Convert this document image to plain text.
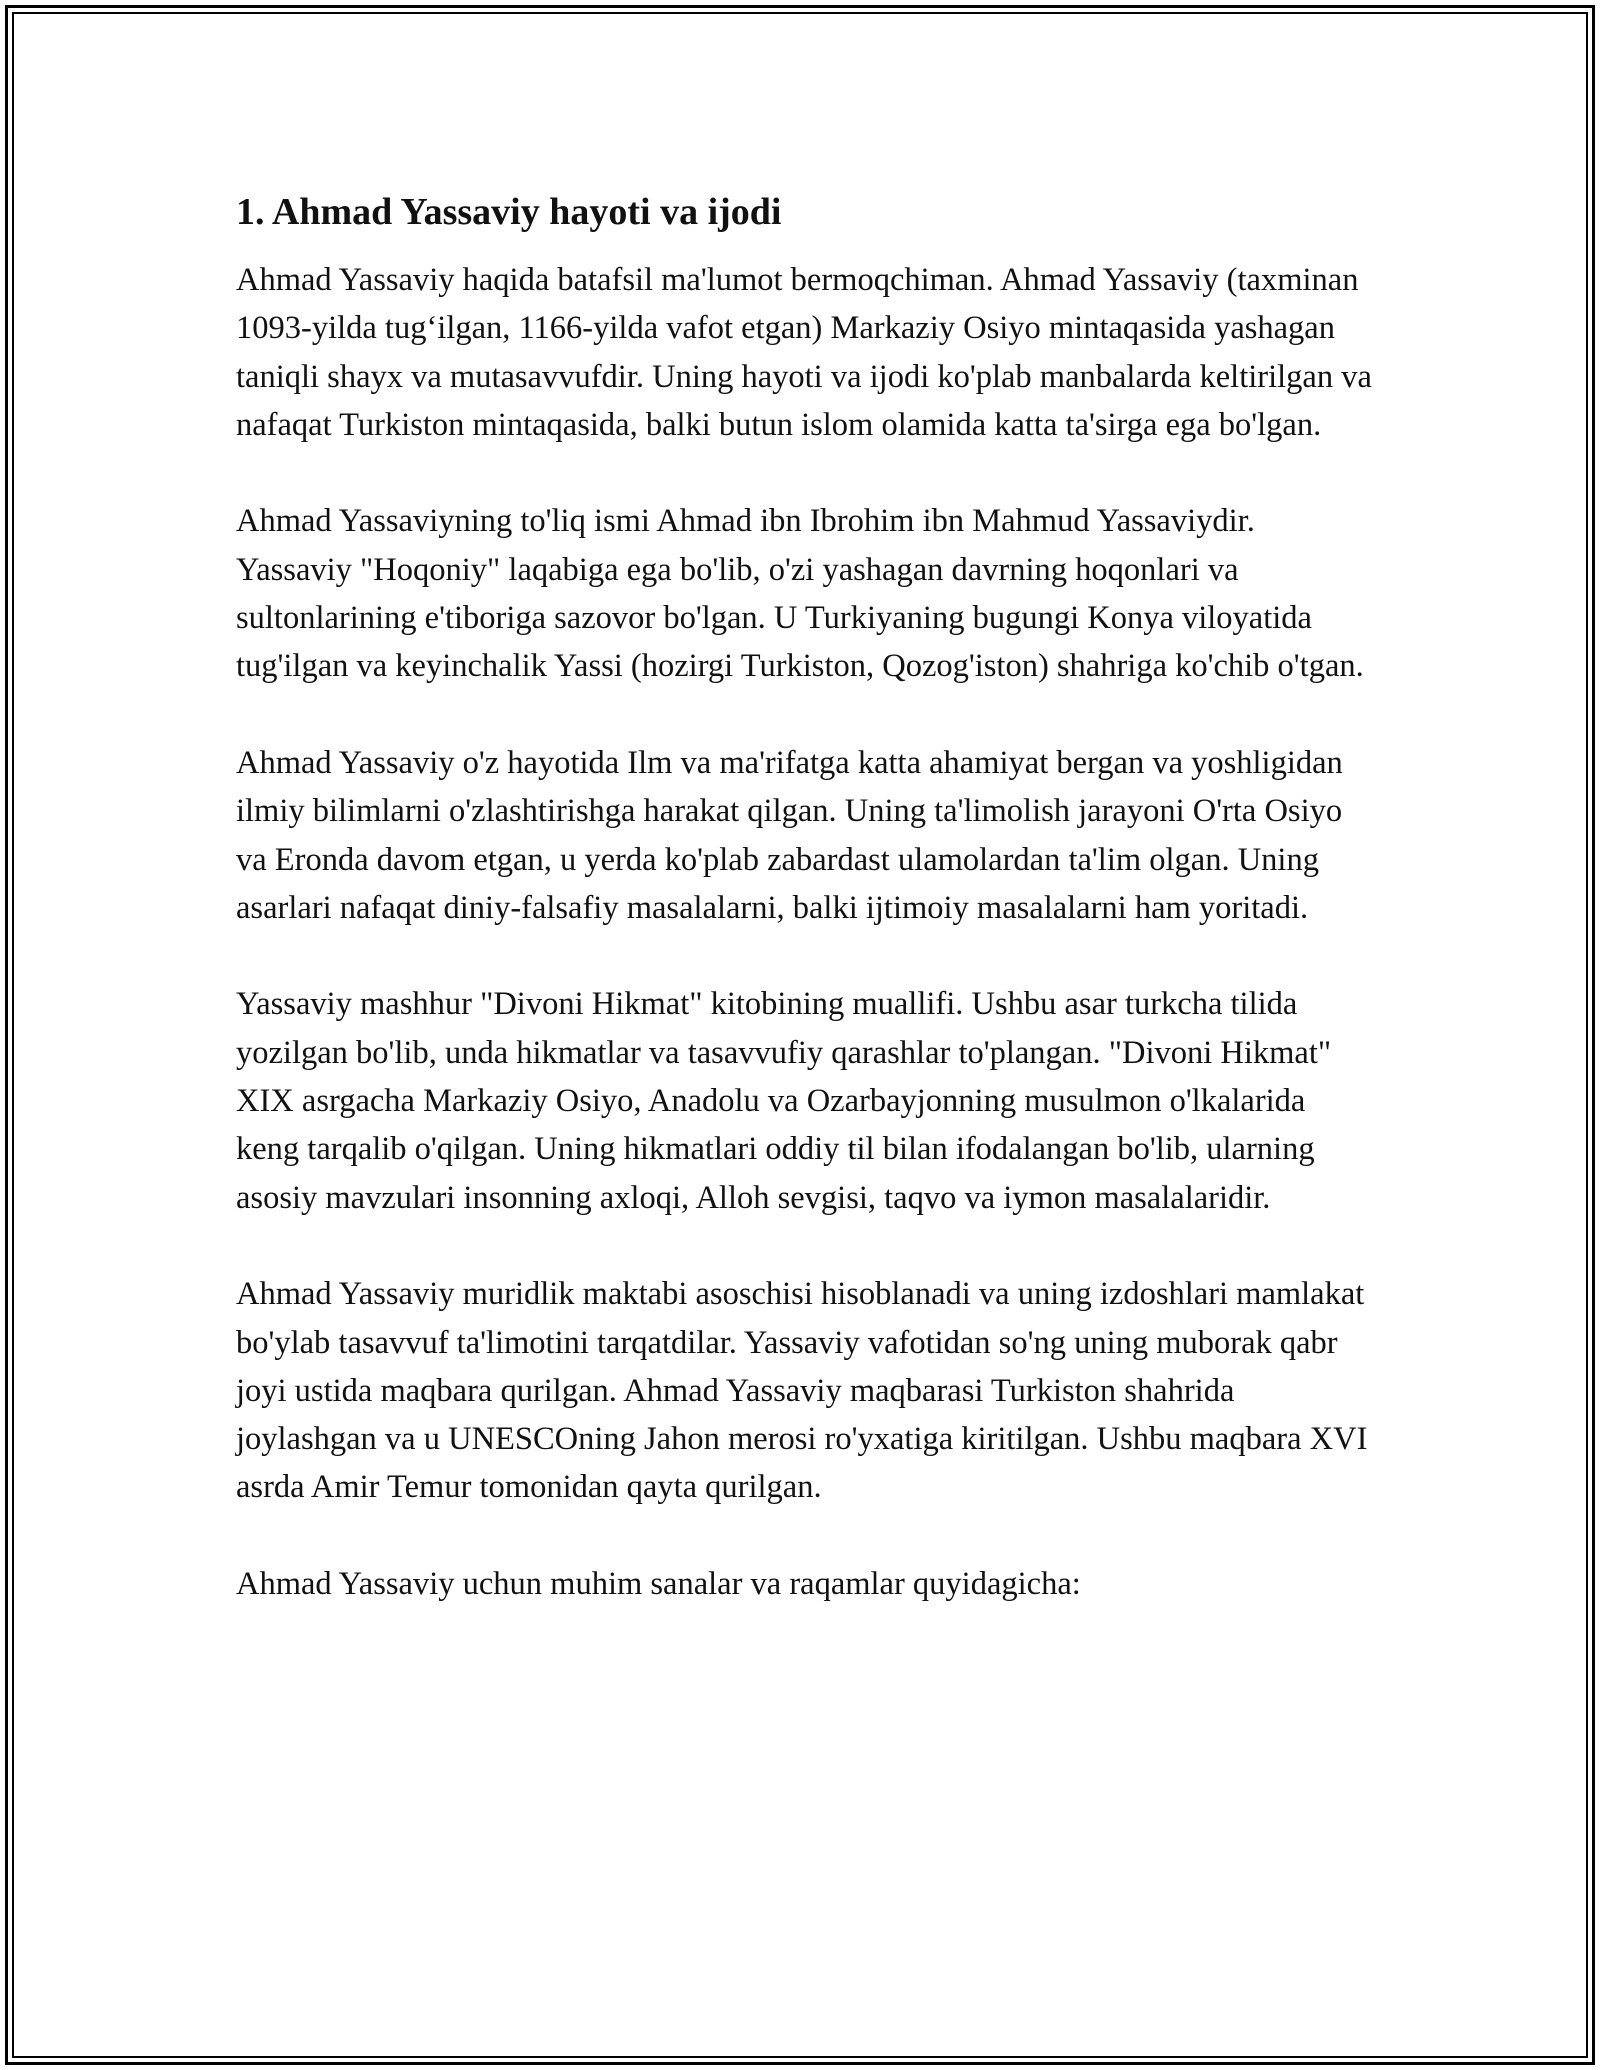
1. Ahmad Yassaviy hayoti va ijodi

Ahmad Yassaviy haqida batafsil ma'lumot bermoqchiman. Ahmad Yassaviy (taxminan 1093-yilda tug‘ilgan, 1166-yilda vafot etgan) Markaziy Osiyo mintaqasida yashagan taniqli shayx va mutasavvufdir. Uning hayoti va ijodi ko'plab manbalarda keltirilgan va nafaqat Turkiston mintaqasida, balki butun islom olamida katta ta'sirga ega bo'lgan.

Ahmad Yassaviyning to'liq ismi Ahmad ibn Ibrohim ibn Mahmud Yassaviydir. Yassaviy "Hoqoniy" laqabiga ega bo'lib, o'zi yashagan davrning hoqonlari va sultonlarining e'tiboriga sazovor bo'lgan. U Turkiyaning bugungi Konya viloyatida tug'ilgan va keyinchalik Yassi (hozirgi Turkiston, Qozog'iston) shahriga ko'chib o'tgan.

Ahmad Yassaviy o'z hayotida Ilm va ma'rifatga katta ahamiyat bergan va yoshligidan ilmiy bilimlarni o'zlashtirishga harakat qilgan. Uning ta'limolish jarayoni O'rta Osiyo va Eronda davom etgan, u yerda ko'plab zabardast ulamolardan ta'lim olgan. Uning asarlari nafaqat diniy-falsafiy masalalarni, balki ijtimoiy masalalarni ham yoritadi.

Yassaviy mashhur "Divoni Hikmat" kitobining muallifi. Ushbu asar turkcha tilida yozilgan bo'lib, unda hikmatlar va tasavvufiy qarashlar to'plangan. "Divoni Hikmat" XIX asrgacha Markaziy Osiyo, Anadolu va Ozarbayjonning musulmon o'lkalarida keng tarqalib o'qilgan. Uning hikmatlari oddiy til bilan ifodalangan bo'lib, ularning asosiy mavzulari insonning axloqi, Alloh sevgisi, taqvo va iymon masalalaridir.

Ahmad Yassaviy muridlik maktabi asoschisi hisoblanadi va uning izdoshlari mamlakat bo'ylab tasavvuf ta'limotini tarqatdilar. Yassaviy vafotidan so'ng uning muborak qabr joyi ustida maqbara qurilgan. Ahmad Yassaviy maqbarasi Turkiston shahrida joylashgan va u UNESCOning Jahon merosi ro'yxatiga kiritilgan. Ushbu maqbara XVI asrda Amir Temur tomonidan qayta qurilgan.

Ahmad Yassaviy uchun muhim sanalar va raqamlar quyidagicha:
